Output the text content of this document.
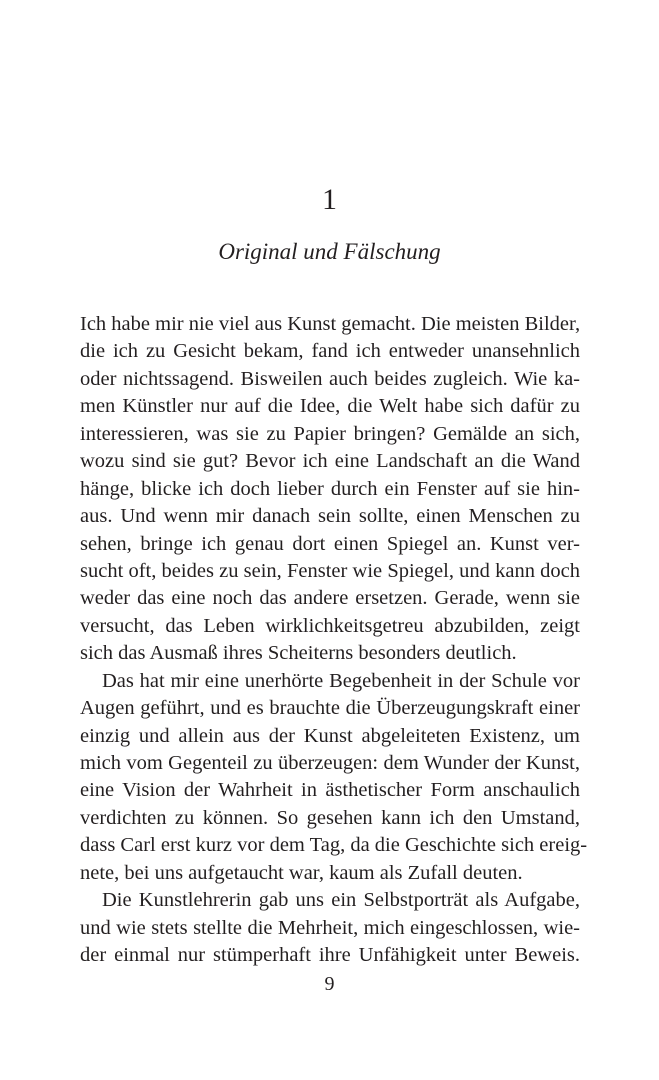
1
Original und Fälschung
Ich habe mir nie viel aus Kunst gemacht. Die meisten Bilder,
die ich zu Gesicht bekam, fand ich entweder unansehnlich
oder nichtssagend. Bisweilen auch beides zugleich. Wie ka-
men Künstler nur auf die Idee, die Welt habe sich dafür zu
interessieren, was sie zu Papier bringen? Gemälde an sich,
wozu sind sie gut? Bevor ich eine Landschaft an die Wand
hänge, blicke ich doch lieber durch ein Fenster auf sie hin-
aus. Und wenn mir danach sein sollte, einen Menschen zu
sehen, bringe ich genau dort einen Spiegel an. Kunst ver-
sucht oft, beides zu sein, Fenster wie Spiegel, und kann doch
weder das eine noch das andere ersetzen. Gerade, wenn sie
versucht, das Leben wirklichkeitsgetreu abzubilden, zeigt
sich das Ausmaß ihres Scheiterns besonders deutlich.
Das hat mir eine unerhörte Begebenheit in der Schule vor
Augen geführt, und es brauchte die Überzeugungskraft einer
einzig und allein aus der Kunst abgeleiteten Existenz, um
mich vom Gegenteil zu überzeugen: dem Wunder der Kunst,
eine Vision der Wahrheit in ästhetischer Form anschaulich
verdichten zu können. So gesehen kann ich den Umstand,
dass Carl erst kurz vor dem Tag, da die Geschichte sich ereig-
nete, bei uns aufgetaucht war, kaum als Zufall deuten.
Die Kunstlehrerin gab uns ein Selbstporträt als Aufgabe,
und wie stets stellte die Mehrheit, mich eingeschlossen, wie-
der einmal nur stümperhaft ihre Unfähigkeit unter Beweis.
9
